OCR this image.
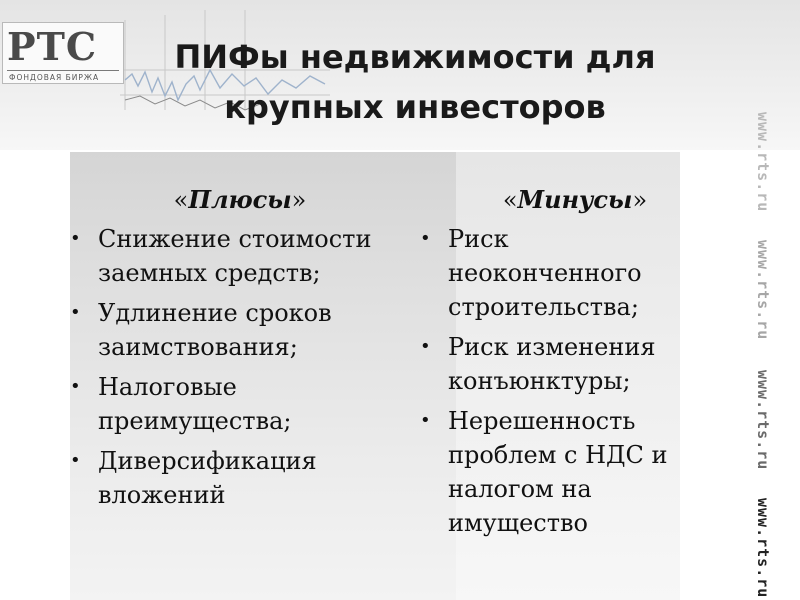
РТС
ФОНДОВАЯ БИРЖА
ПИФы недвижимости для
крупных инвесторов
www.rts.ru
www.rts.ru
www.rts.ru
www.rts.ru
«Плюсы»
• Снижение стоимости заемных средств;
• Удлинение сроков заимствования;
• Налоговые преимущества;
• Диверсификация вложений
«Минусы»
• Риск неоконченного строительства;
• Риск изменения конъюнктуры;
• Нерешенность проблем с НДС и налогом на имущество
